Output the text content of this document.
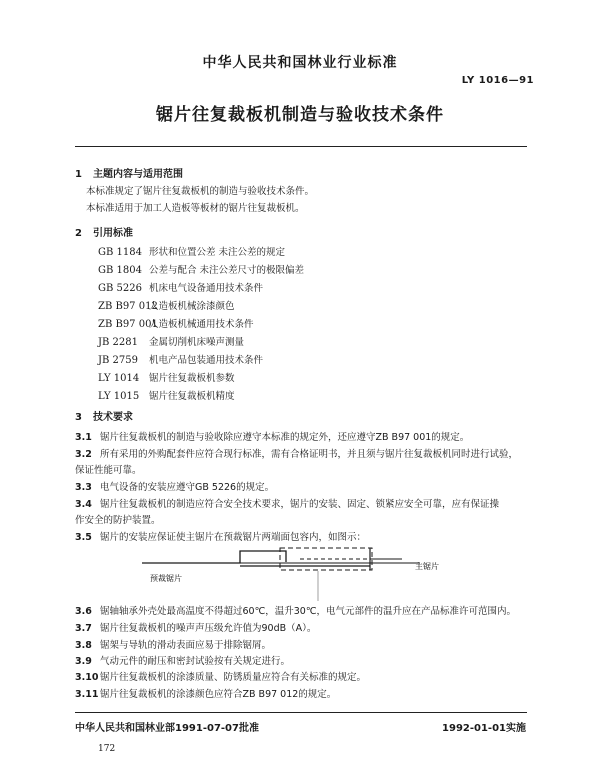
中华人民共和国林业行业标准
LY 1016—91
锯片往复裁板机制造与验收技术条件
1 主题内容与适用范围
本标准规定了锯片往复裁板机的制造与验收技术条件。
本标准适用于加工人造板等板材的锯片往复裁板机。
2 引用标准
GB 1184 形状和位置公差 未注公差的规定
GB 1804 公差与配合 未注公差尺寸的极限偏差
GB 5226 机床电气设备通用技术条件
ZB B97 012人造板机械涂漆颜色
ZB B97 001人造板机械通用技术条件
JB 2281 金属切削机床噪声测量
JB 2759 机电产品包装通用技术条件
LY 1014 锯片往复裁板机参数
LY 1015 锯片往复裁板机精度
3 技术要求
3.1 锯片往复裁板机的制造与验收除应遵守本标准的规定外，还应遵守ZB B97 001的规定。
3.2 所有采用的外购配套件应符合现行标准，需有合格证明书，并且须与锯片往复裁板机同时进行试验，
保证性能可靠。
3.3 电气设备的安装应遵守GB 5226的规定。
3.4 锯片往复裁板机的制造应符合安全技术要求，锯片的安装、固定、锁紧应安全可靠，应有保证操
作安全的防护装置。
3.5 锯片的安装应保证使主锯片在预裁锯片两端面包容内，如图示：
预裁锯片
主锯片
3.6 锯轴轴承外壳处最高温度不得超过60℃，温升30℃，电气元部件的温升应在产品标准许可范围内。
3.7 锯片往复裁板机的噪声声压级允许值为90dB（A）。
3.8 锯架与导轨的滑动表面应易于排除锯屑。
3.9 气动元件的耐压和密封试验按有关规定进行。
3.10 锯片往复裁板机的涂漆质量、防锈质量应符合有关标准的规定。
3.11 锯片往复裁板机的涂漆颜色应符合ZB B97 012的规定。
中华人民共和国林业部1991-07-07批准	1992-01-01实施
172
